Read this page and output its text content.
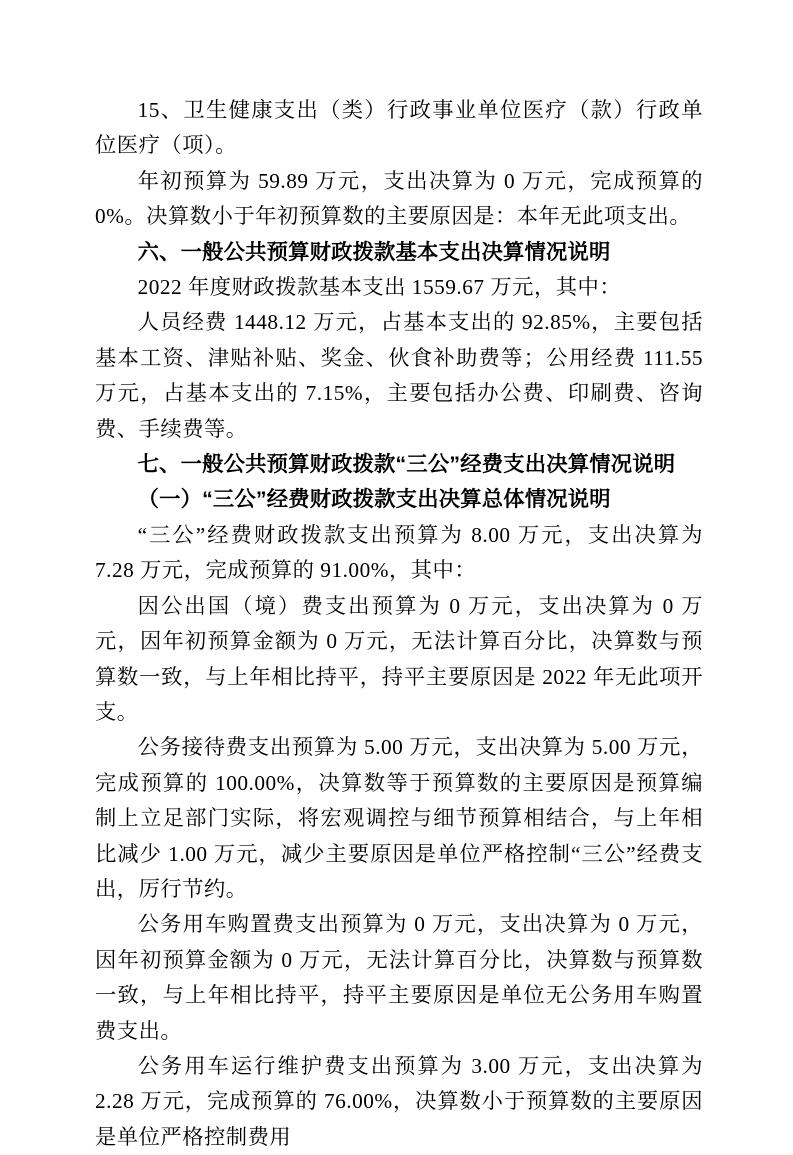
15、卫生健康支出（类）行政事业单位医疗（款）行政单位医疗（项）。

年初预算为 59.89 万元，支出决算为 0 万元，完成预算的 0%。决算数小于年初预算数的主要原因是：本年无此项支出。

六、一般公共预算财政拨款基本支出决算情况说明

2022 年度财政拨款基本支出 1559.67 万元，其中：

人员经费 1448.12 万元，占基本支出的 92.85%，主要包括基本工资、津贴补贴、奖金、伙食补助费等；公用经费 111.55 万元，占基本支出的 7.15%，主要包括办公费、印刷费、咨询费、手续费等。

七、一般公共预算财政拨款“三公”经费支出决算情况说明

（一）“三公”经费财政拨款支出决算总体情况说明

“三公”经费财政拨款支出预算为 8.00 万元，支出决算为 7.28 万元，完成预算的 91.00%，其中：

因公出国（境）费支出预算为 0 万元，支出决算为 0 万元，因年初预算金额为 0 万元，无法计算百分比，决算数与预算数一致，与上年相比持平，持平主要原因是 2022 年无此项开支。

公务接待费支出预算为 5.00 万元，支出决算为 5.00 万元，完成预算的 100.00%，决算数等于预算数的主要原因是预算编制上立足部门实际，将宏观调控与细节预算相结合，与上年相比减少 1.00 万元，减少主要原因是单位严格控制“三公”经费支出，厉行节约。

公务用车购置费支出预算为 0 万元，支出决算为 0 万元，因年初预算金额为 0 万元，无法计算百分比，决算数与预算数一致，与上年相比持平，持平主要原因是单位无公务用车购置费支出。

公务用车运行维护费支出预算为 3.00 万元，支出决算为 2.28 万元，完成预算的 76.00%，决算数小于预算数的主要原因是单位严格控制费用
